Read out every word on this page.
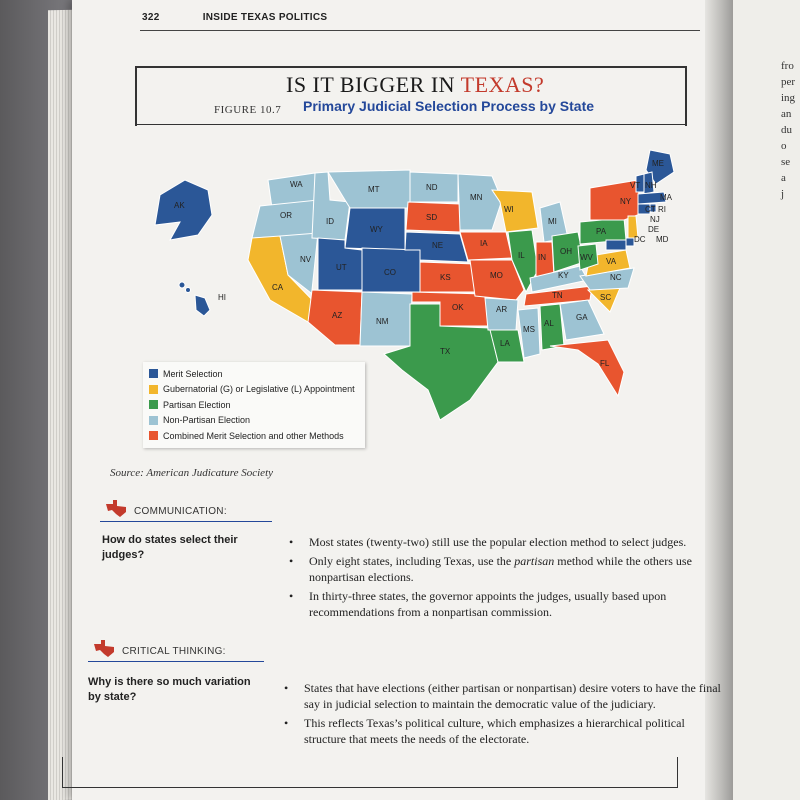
fro
per
ing
an
du
o
se
a
j
322	INSIDE TEXAS POLITICS
IS IT BIGGER IN TEXAS?
FIGURE 10.7 Primary Judicial Selection Process by State
WA
OR
CA
NV
ID
MT
WY
UT
CO
AZ
NM
ND
SD
NE
KS
OK
TX
MN
IA
MO
AR
LA
WI
IL
MS
MI
IN
KY
TN
AL
OH
GA
FL
SC
NC
VA
WV
PA
NY
ME
VT NH
MA
CT RI
NJ
DE
DC MD
AK
HI
Merit Selection
Gubernatorial (G) or Legislative (L) Appointment
Partisan Election
Non-Partisan Election
Combined Merit Selection and other Methods
Source: American Judicature Society
COMMUNICATION:
How do states select their judges?
• Most states (twenty-two) still use the popular election method to select judges.
• Only eight states, including Texas, use the partisan method while the others use nonpartisan elections.
• In thirty-three states, the governor appoints the judges, usually based upon recommendations from a nonpartisan commission.
CRITICAL THINKING:
Why is there so much variation by state?
• States that have elections (either partisan or nonpartisan) desire voters to have the final say in judicial selection to maintain the democratic value of the judiciary.
• This reflects Texas’s political culture, which emphasizes a hierarchical political structure that meets the needs of the electorate.
